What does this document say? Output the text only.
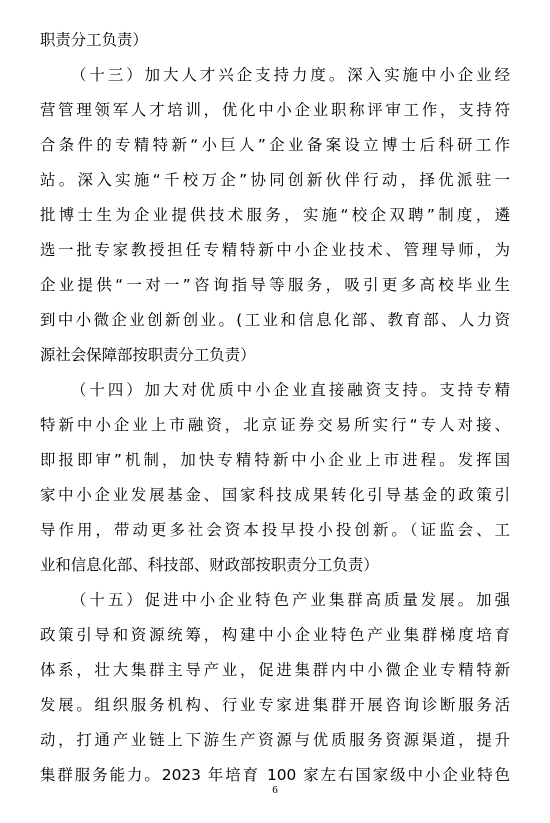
职责分工负责）
（十三）加大人才兴企支持力度。深入实施中小企业经
营管理领军人才培训，优化中小企业职称评审工作，支持符
合条件的专精特新“小巨人”企业备案设立博士后科研工作
站。深入实施“千校万企”协同创新伙伴行动，择优派驻一
批博士生为企业提供技术服务，实施“校企双聘”制度，遴
选一批专家教授担任专精特新中小企业技术、管理导师，为
企业提供“一对一”咨询指导等服务，吸引更多高校毕业生
到中小微企业创新创业。(工业和信息化部、教育部、人力资
源社会保障部按职责分工负责）
（十四）加大对优质中小企业直接融资支持。支持专精
特新中小企业上市融资，北京证券交易所实行“专人对接、
即报即审”机制，加快专精特新中小企业上市进程。发挥国
家中小企业发展基金、国家科技成果转化引导基金的政策引
导作用，带动更多社会资本投早投小投创新。（证监会、工
业和信息化部、科技部、财政部按职责分工负责）
（十五）促进中小企业特色产业集群高质量发展。加强
政策引导和资源统筹，构建中小企业特色产业集群梯度培育
体系，壮大集群主导产业，促进集群内中小微企业专精特新
发展。组织服务机构、行业专家进集群开展咨询诊断服务活
动，打通产业链上下游生产资源与优质服务资源渠道，提升
集群服务能力。2023 年培育 100 家左右国家级中小企业特色
6
